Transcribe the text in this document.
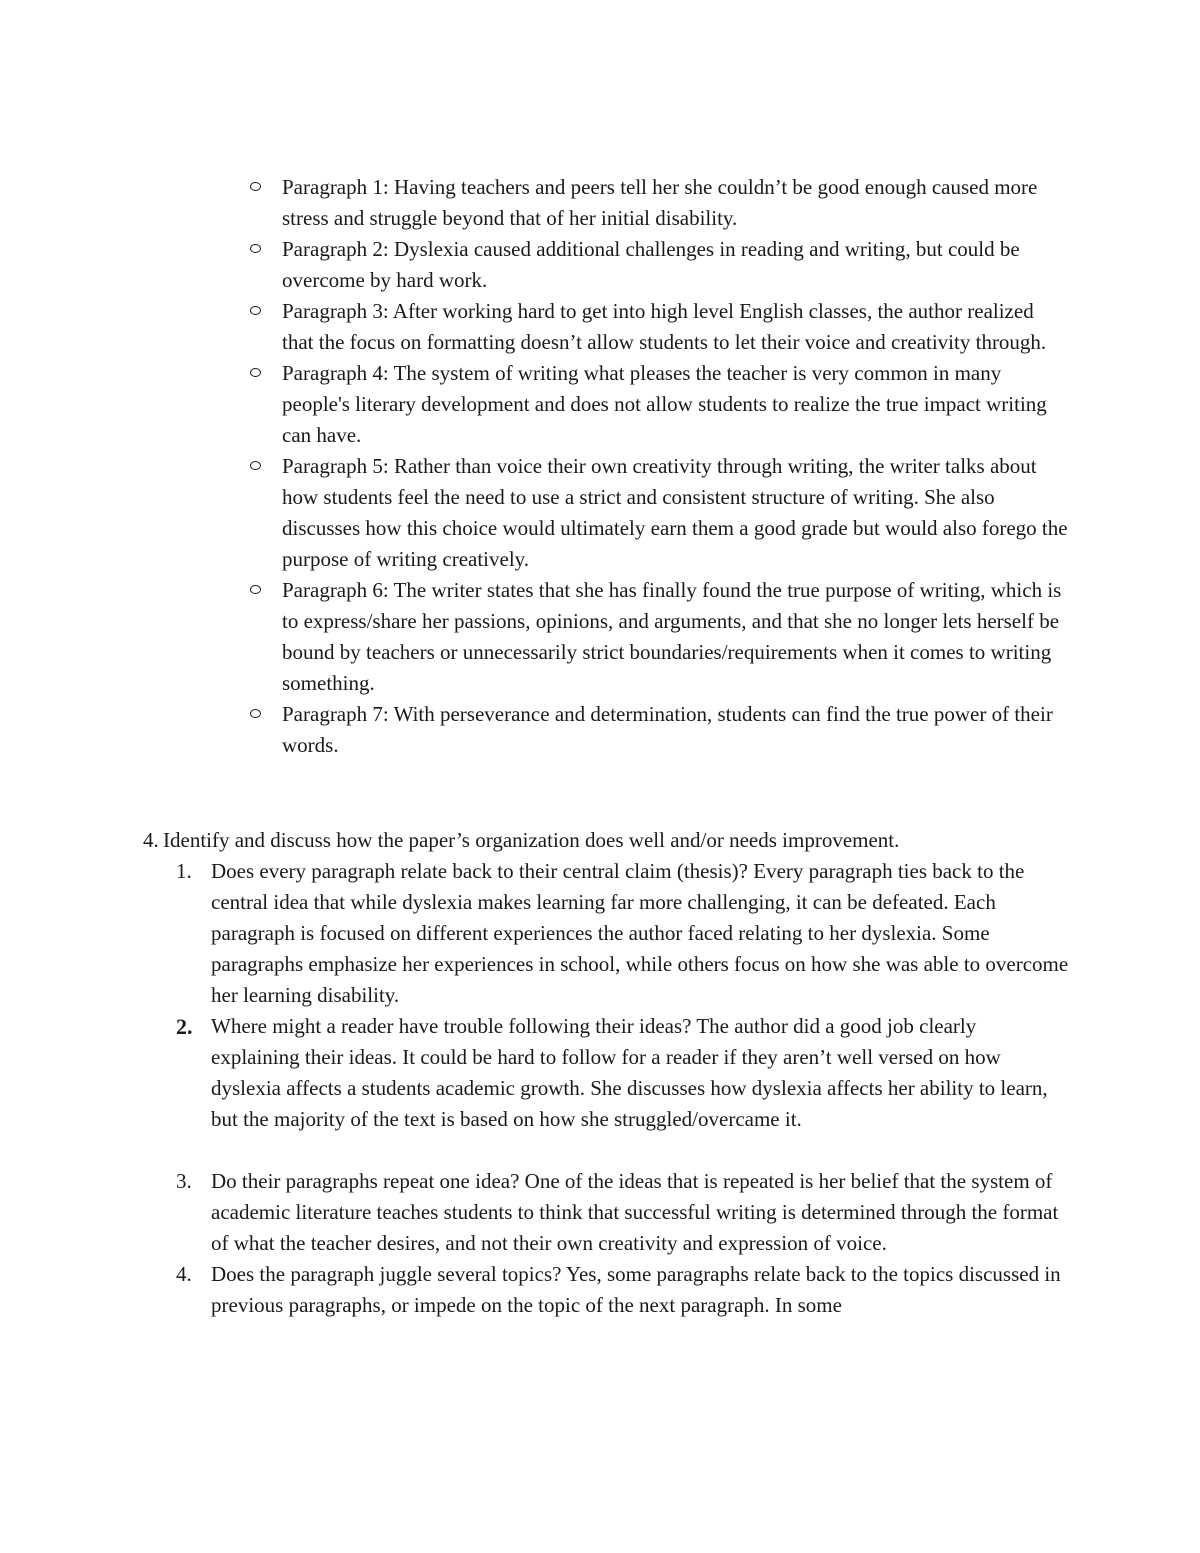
Paragraph 1: Having teachers and peers tell her she couldn’t be good enough caused more stress and struggle beyond that of her initial disability.

Paragraph 2: Dyslexia caused additional challenges in reading and writing, but could be overcome by hard work.

Paragraph 3: After working hard to get into high level English classes, the author realized that the focus on formatting doesn’t allow students to let their voice and creativity through.

Paragraph 4: The system of writing what pleases the teacher is very common in many people's literary development and does not allow students to realize the true impact writing can have.

Paragraph 5: Rather than voice their own creativity through writing, the writer talks about how students feel the need to use a strict and consistent structure of writing. She also discusses how this choice would ultimately earn them a good grade but would also forego the purpose of writing creatively.

Paragraph 6: The writer states that she has finally found the true purpose of writing, which is to express/share her passions, opinions, and arguments, and that she no longer lets herself be bound by teachers or unnecessarily strict boundaries/requirements when it comes to writing something.

Paragraph 7: With perseverance and determination, students can find the true power of their words.

4. Identify and discuss how the paper’s organization does well and/or needs improvement.

1. Does every paragraph relate back to their central claim (thesis)? Every paragraph ties back to the central idea that while dyslexia makes learning far more challenging, it can be defeated. Each paragraph is focused on different experiences the author faced relating to her dyslexia. Some paragraphs emphasize her experiences in school, while others focus on how she was able to overcome her learning disability.

2. Where might a reader have trouble following their ideas? The author did a good job clearly explaining their ideas. It could be hard to follow for a reader if they aren’t well versed on how dyslexia affects a students academic growth. She discusses how dyslexia affects her ability to learn, but the majority of the text is based on how she struggled/overcame it.

3. Do their paragraphs repeat one idea? One of the ideas that is repeated is her belief that the system of academic literature teaches students to think that successful writing is determined through the format of what the teacher desires, and not their own creativity and expression of voice.

4. Does the paragraph juggle several topics? Yes, some paragraphs relate back to the topics discussed in previous paragraphs, or impede on the topic of the next paragraph. In some
